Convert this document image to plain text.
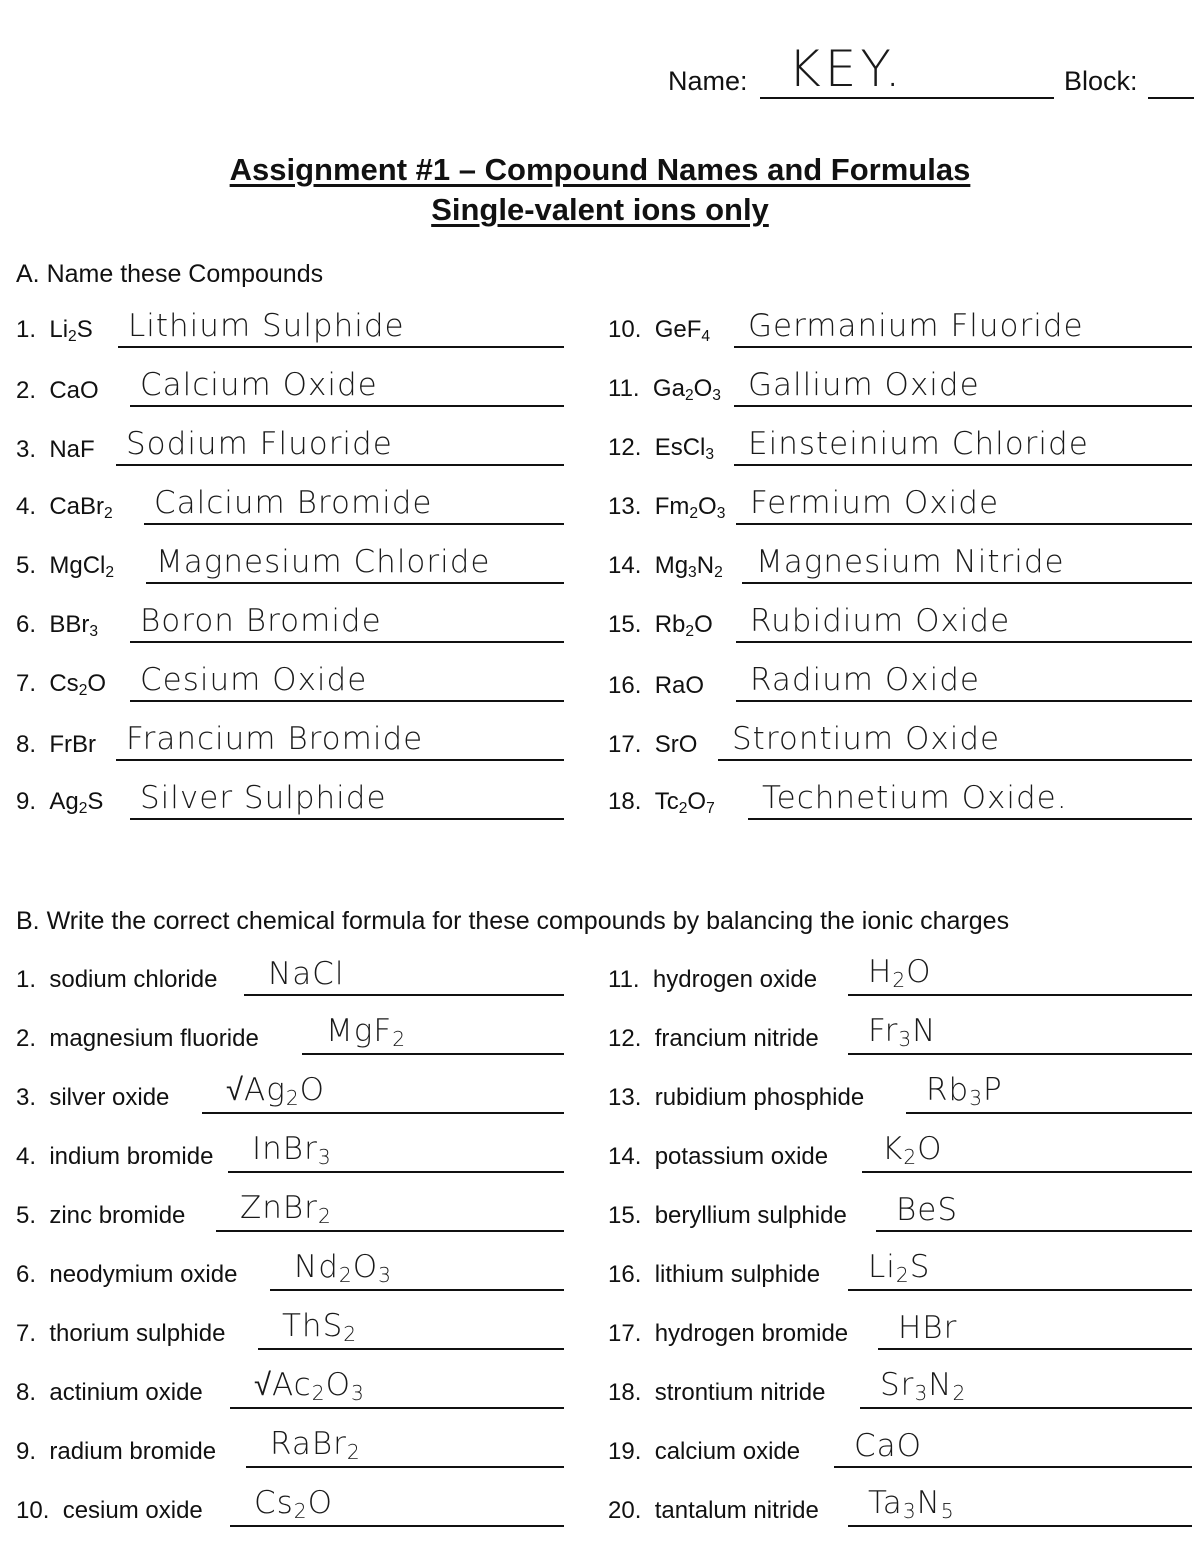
Name: KEY.	Block:
Assignment #1 – Compound Names and Formulas
Single-valent ions only
A. Name these Compounds
1.  $Li_2S$ Lithium Sulphide
2.  CaO Calcium Oxide
3.  NaF Sodium Fluoride
4.  CaBr$_2$ Calcium Bromide
5.  MgCl$_2$ Magnesium Chloride
6.  BBr$_3$ Boron Bromide
7.  $Cs_2O$ Cesium Oxide
8.  FrBr Francium Bromide
9.  $Ag_2S$ Silver Sulphide
10.  GeF$_4$ Germanium Fluoride
11.  $Ga_2O_3$ Gallium Oxide
12.  EsCl$_3$ Einsteinium Chloride
13.  $Fm_2O_3$ Fermium Oxide
14.  $Mg_3N_2$ Magnesium Nitride
15.  $Rb_2O$ Rubidium Oxide
16.  RaO Radium Oxide
17.  SrO Strontium Oxide
18.  $Tc_2O_7$ Technetium Oxide.
B. Write the correct chemical formula for these compounds by balancing the ionic charges
1.  sodium chloride NaCl
2.  magnesium fluoride MgF$_2$
3.  silver oxide $√Ag_2O$
4.  indium bromide InBr$_3$
5.  zinc bromide ZnBr$_2$
6.  neodymium oxide $Nd_2O_3$
7.  thorium sulphide ThS$_2$
8.  actinium oxide $√Ac_2O_3$
9.  radium bromide RaBr$_2$
10.  cesium oxide $Cs_2O$
11.  hydrogen oxide $H_2O$
12.  francium nitride $Fr_3N$
13.  rubidium phosphide $Rb_3P$
14.  potassium oxide $K_2O$
15.  beryllium sulphide BeS
16.  lithium sulphide $Li_2S$
17.  hydrogen bromide HBr
18.  strontium nitride $Sr_3N_2$
19.  calcium oxide CaO
20.  tantalum nitride $Ta_3N_5$
